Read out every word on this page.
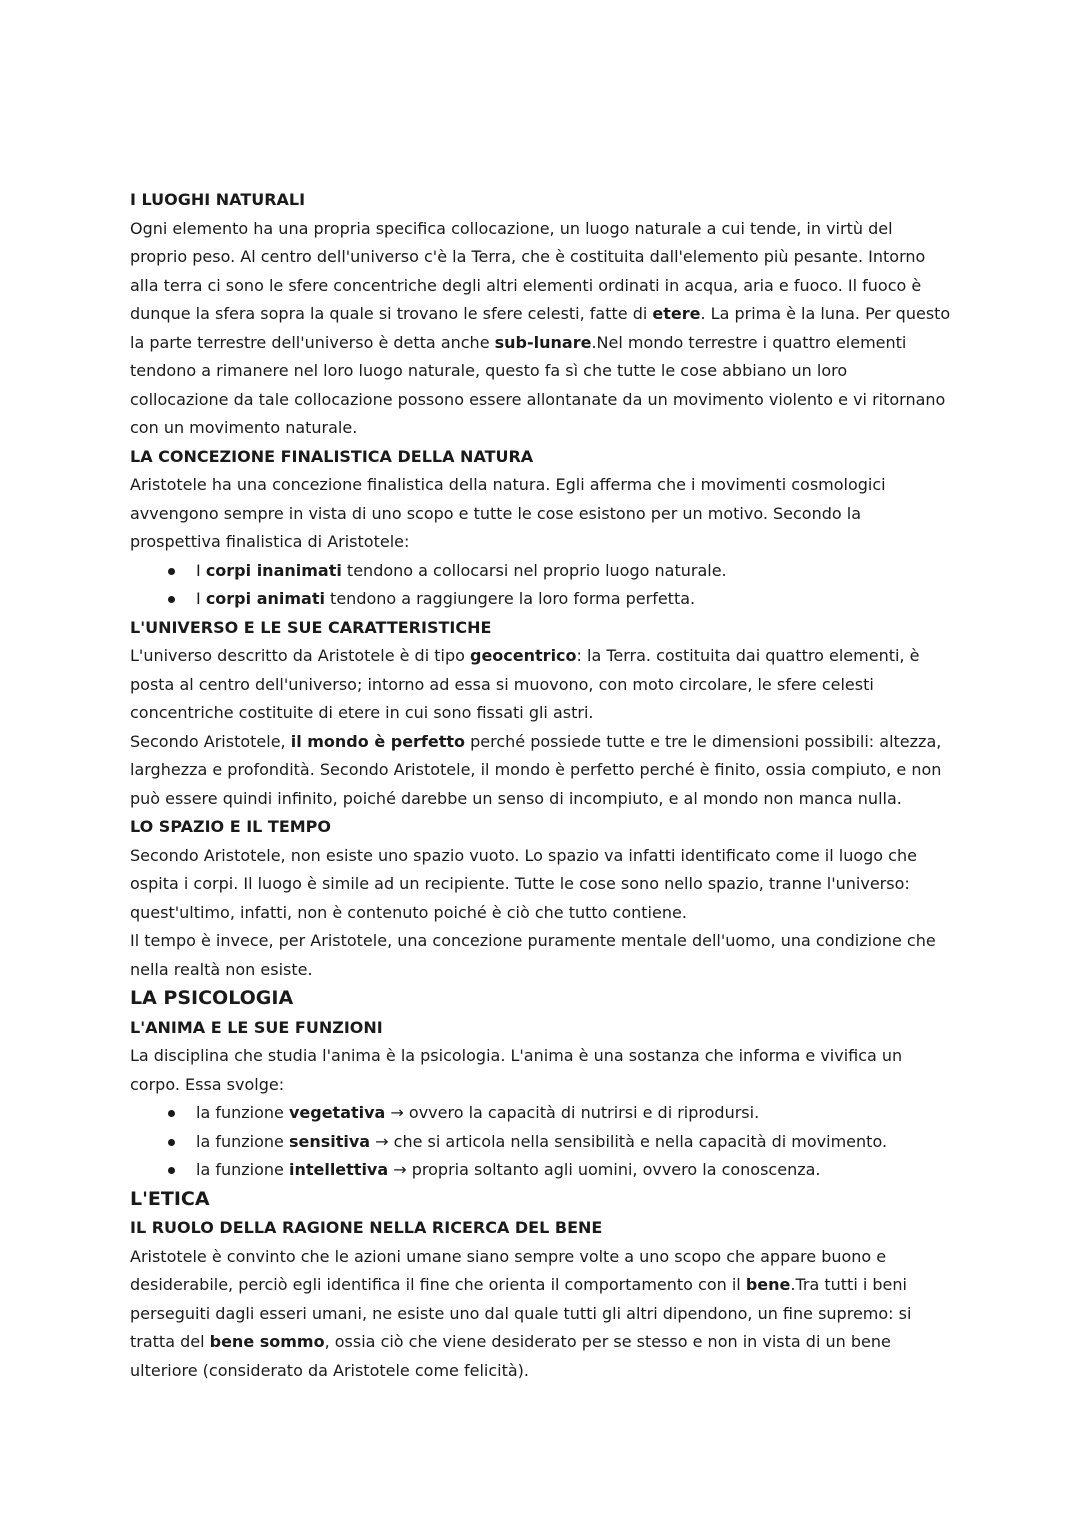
I LUOGHI NATURALI

Ogni elemento ha una propria specifica collocazione, un luogo naturale a cui tende, in virtù del
proprio peso. Al centro dell'universo c'è la Terra, che è costituita dall'elemento più pesante. Intorno
alla terra ci sono le sfere concentriche degli altri elementi ordinati in acqua, aria e fuoco. Il fuoco è
dunque la sfera sopra la quale si trovano le sfere celesti, fatte di etere. La prima è la luna. Per questo
la parte terrestre dell'universo è detta anche sub-lunare.Nel mondo terrestre i quattro elementi
tendono a rimanere nel loro luogo naturale, questo fa sì che tutte le cose abbiano un loro
collocazione da tale collocazione possono essere allontanate da un movimento violento e vi ritornano
con un movimento naturale.

LA CONCEZIONE FINALISTICA DELLA NATURA

Aristotele ha una concezione finalistica della natura. Egli afferma che i movimenti cosmologici
avvengono sempre in vista di uno scopo e tutte le cose esistono per un motivo. Secondo la
prospettiva finalistica di Aristotele:

I corpi inanimati tendono a collocarsi nel proprio luogo naturale.
I corpi animati tendono a raggiungere la loro forma perfetta.
L'UNIVERSO E LE SUE CARATTERISTICHE

L'universo descritto da Aristotele è di tipo geocentrico: la Terra. costituita dai quattro elementi, è
posta al centro dell'universo; intorno ad essa si muovono, con moto circolare, le sfere celesti
concentriche costituite di etere in cui sono fissati gli astri.
Secondo Aristotele, il mondo è perfetto perché possiede tutte e tre le dimensioni possibili: altezza,
larghezza e profondità. Secondo Aristotele, il mondo è perfetto perché è finito, ossia compiuto, e non
può essere quindi infinito, poiché darebbe un senso di incompiuto, e al mondo non manca nulla.

LO SPAZIO E IL TEMPO

Secondo Aristotele, non esiste uno spazio vuoto. Lo spazio va infatti identificato come il luogo che
ospita i corpi. Il luogo è simile ad un recipiente. Tutte le cose sono nello spazio, tranne l'universo:
quest'ultimo, infatti, non è contenuto poiché è ciò che tutto contiene.
Il tempo è invece, per Aristotele, una concezione puramente mentale dell'uomo, una condizione che
nella realtà non esiste.

LA PSICOLOGIA
L'ANIMA E LE SUE FUNZIONI

La disciplina che studia l'anima è la psicologia. L'anima è una sostanza che informa e vivifica un
corpo. Essa svolge:

la funzione vegetativa → ovvero la capacità di nutrirsi e di riprodursi.
la funzione sensitiva → che si articola nella sensibilità e nella capacità di movimento.
la funzione intellettiva → propria soltanto agli uomini, ovvero la conoscenza.
L'ETICA
IL RUOLO DELLA RAGIONE NELLA RICERCA DEL BENE

Aristotele è convinto che le azioni umane siano sempre volte a uno scopo che appare buono e
desiderabile, perciò egli identifica il fine che orienta il comportamento con il bene.Tra tutti i beni
perseguiti dagli esseri umani, ne esiste uno dal quale tutti gli altri dipendono, un fine supremo: si
tratta del bene sommo, ossia ciò che viene desiderato per se stesso e non in vista di un bene
ulteriore (considerato da Aristotele come felicità).
